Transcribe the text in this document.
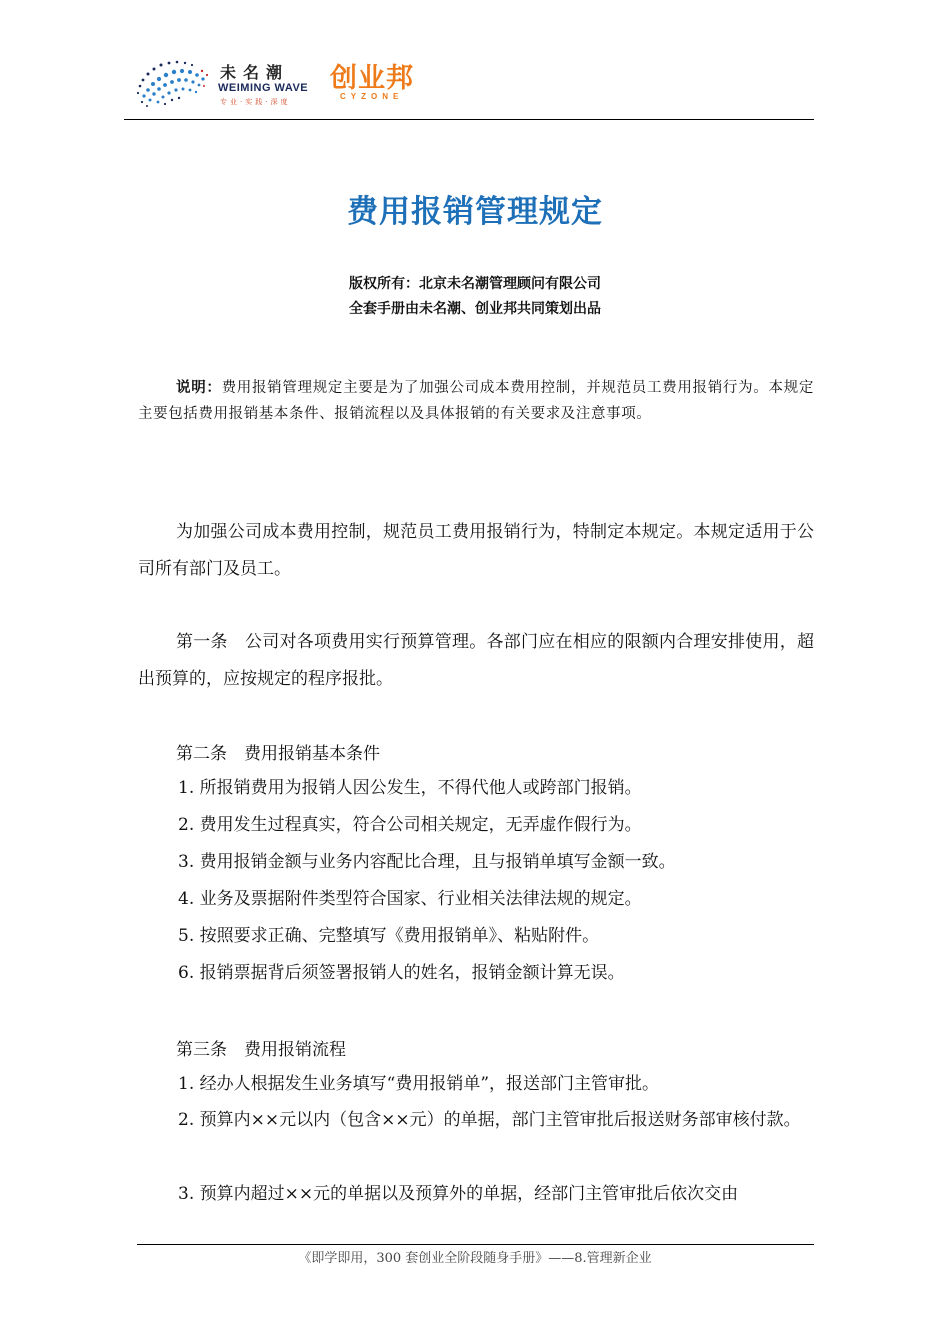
未名潮
WEIMING WAVE
专业·实践·深度
创业邦
CYZONE
费用报销管理规定
版权所有：北京未名潮管理顾问有限公司
全套手册由未名潮、创业邦共同策划出品
说明：费用报销管理规定主要是为了加强公司成本费用控制，并规范员工费用报销行为。本规定主要包括费用报销基本条件、报销流程以及具体报销的有关要求及注意事项。
为加强公司成本费用控制，规范员工费用报销行为，特制定本规定。本规定适用于公司所有部门及员工。
第一条　公司对各项费用实行预算管理。各部门应在相应的限额内合理安排使用，超出预算的，应按规定的程序报批。
第二条　费用报销基本条件
1. 所报销费用为报销人因公发生，不得代他人或跨部门报销。
2. 费用发生过程真实，符合公司相关规定，无弄虚作假行为。
3. 费用报销金额与业务内容配比合理，且与报销单填写金额一致。
4. 业务及票据附件类型符合国家、行业相关法律法规的规定。
5. 按照要求正确、完整填写《费用报销单》、粘贴附件。
6. 报销票据背后须签署报销人的姓名，报销金额计算无误。
第三条　费用报销流程
1. 经办人根据发生业务填写“费用报销单”，报送部门主管审批。
2. 预算内××元以内（包含××元）的单据，部门主管审批后报送财务部审核付款。
3. 预算内超过××元的单据以及预算外的单据，经部门主管审批后依次交由
《即学即用，300 套创业全阶段随身手册》——8.管理新企业
